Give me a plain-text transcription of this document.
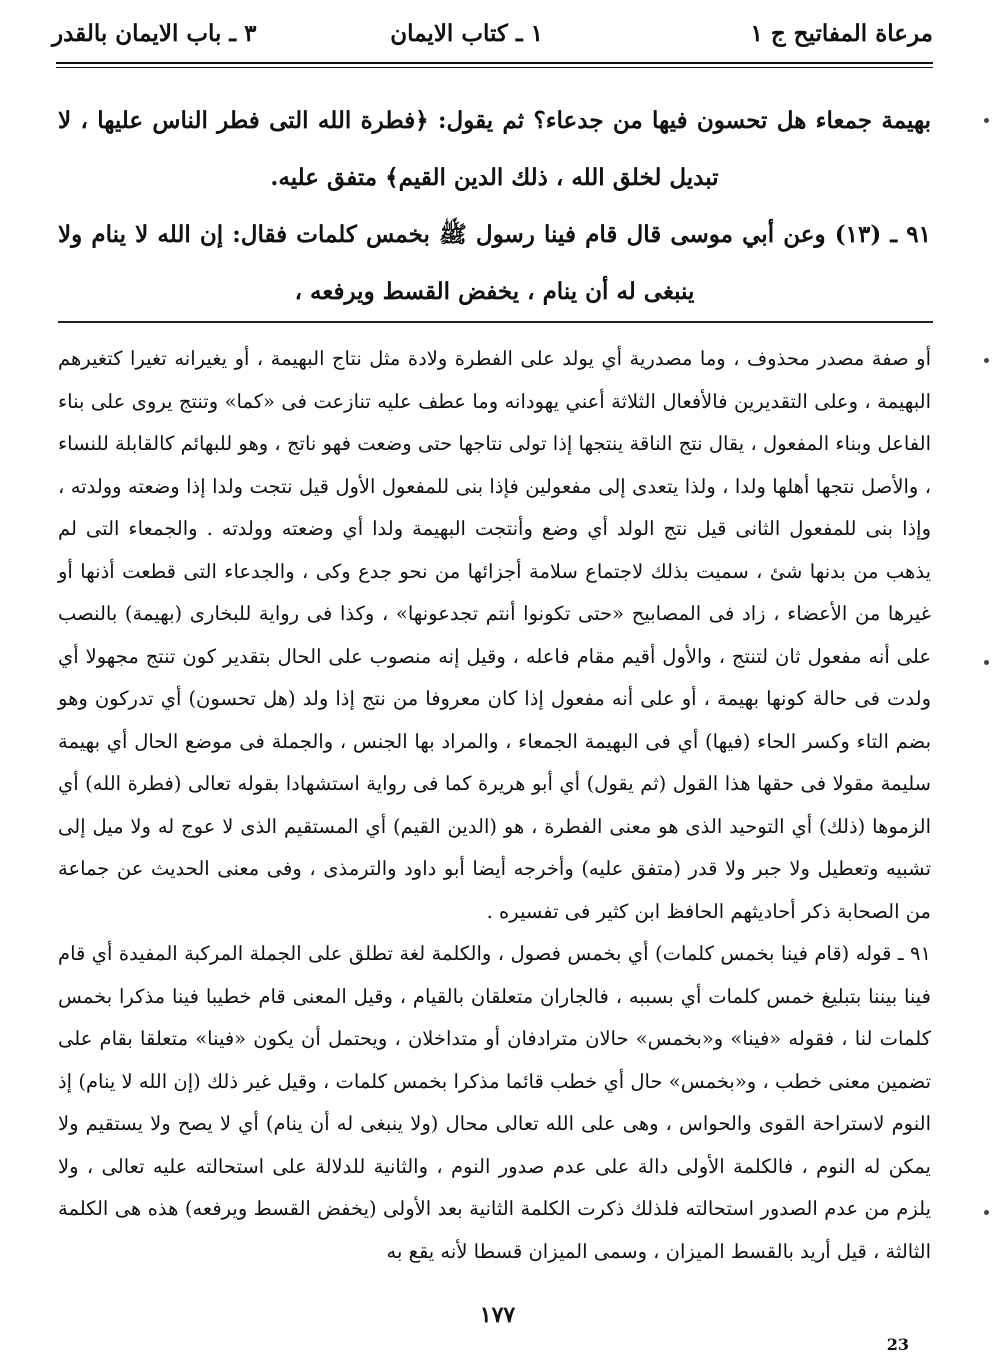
مرعاة المفاتيح ج ١
١ ـ كتاب الايمان
٣ ـ باب الايمان بالقدر

بهيمة جمعاء هل تحسون فيها من جدعاء؟ ثم يقول: ﴿فطرة الله التى فطر الناس عليها ، لا تبديل لخلق الله ، ذلك الدين القيم﴾ متفق عليه.

٩١ ـ (١٣) وعن أبي موسى قال قام فينا رسول ﷺ بخمس كلمات فقال: إن الله لا ينام ولا ينبغى له أن ينام ، يخفض القسط ويرفعه ،

أو صفة مصدر محذوف ، وما مصدرية أي يولد على الفطرة ولادة مثل نتاج البهيمة ، أو يغيرانه تغيرا كتغيرهم البهيمة ، وعلى التقديرين فالأفعال الثلاثة أعني يهودانه وما عطف عليه تنازعت فى «كما» وتنتج يروى على بناء الفاعل وبناء المفعول ، يقال نتج الناقة ينتجها إذا تولى نتاجها حتى وضعت فهو ناتج ، وهو للبهائم كالقابلة للنساء ، والأصل نتجها أهلها ولدا ، ولذا يتعدى إلى مفعولين فإذا بنى للمفعول الأول قيل نتجت ولدا إذا وضعته وولدته ، وإذا بنى للمفعول الثانى قيل نتج الولد أي وضع وأنتجت البهيمة ولدا أي وضعته وولدته . والجمعاء التى لم يذهب من بدنها شئ ، سميت بذلك لاجتماع سلامة أجزائها من نحو جدع وكى ، والجدعاء التى قطعت أذنها أو غيرها من الأعضاء ، زاد فى المصابيح «حتى تكونوا أنتم تجدعونها» ، وكذا فى رواية للبخارى (بهيمة) بالنصب على أنه مفعول ثان لتنتج ، والأول أقيم مقام فاعله ، وقيل إنه منصوب على الحال بتقدير كون تنتج مجهولا أي ولدت فى حالة كونها بهيمة ، أو على أنه مفعول إذا كان معروفا من نتج إذا ولد (هل تحسون) أي تدركون وهو بضم التاء وكسر الحاء (فيها) أي فى البهيمة الجمعاء ، والمراد بها الجنس ، والجملة فى موضع الحال أي بهيمة سليمة مقولا فى حقها هذا القول (ثم يقول) أي أبو هريرة كما فى رواية استشهادا بقوله تعالى (فطرة الله) أي الزموها (ذلك) أي التوحيد الذى هو معنى الفطرة ، هو (الدين القيم) أي المستقيم الذى لا عوج له ولا ميل إلى تشبيه وتعطيل ولا جبر ولا قدر (متفق عليه) وأخرجه أيضا أبو داود والترمذى ، وفى معنى الحديث عن جماعة من الصحابة ذكر أحاديثهم الحافظ ابن كثير فى تفسيره .

٩١ ـ قوله (قام فينا بخمس كلمات) أي بخمس فصول ، والكلمة لغة تطلق على الجملة المركبة المفيدة أي قام فينا بيننا بتبليغ خمس كلمات أي بسببه ، فالجاران متعلقان بالقيام ، وقيل المعنى قام خطيبا فينا مذكرا بخمس كلمات لنا ، فقوله «فينا» و«بخمس» حالان مترادفان أو متداخلان ، ويحتمل أن يكون «فينا» متعلقا بقام على تضمين معنى خطب ، و«بخمس» حال أي خطب قائما مذكرا بخمس كلمات ، وقيل غير ذلك (إن الله لا ينام) إذ النوم لاستراحة القوى والحواس ، وهى على الله تعالى محال (ولا ينبغى له أن ينام) أي لا يصح ولا يستقيم ولا يمكن له النوم ، فالكلمة الأولى دالة على عدم صدور النوم ، والثانية للدلالة على استحالته عليه تعالى ، ولا يلزم من عدم الصدور استحالته فلذلك ذكرت الكلمة الثانية بعد الأولى (يخفض القسط ويرفعه) هذه هى الكلمة الثالثة ، قيل أريد بالقسط الميزان ، وسمى الميزان قسطا لأنه يقع به

١٧٧
23
